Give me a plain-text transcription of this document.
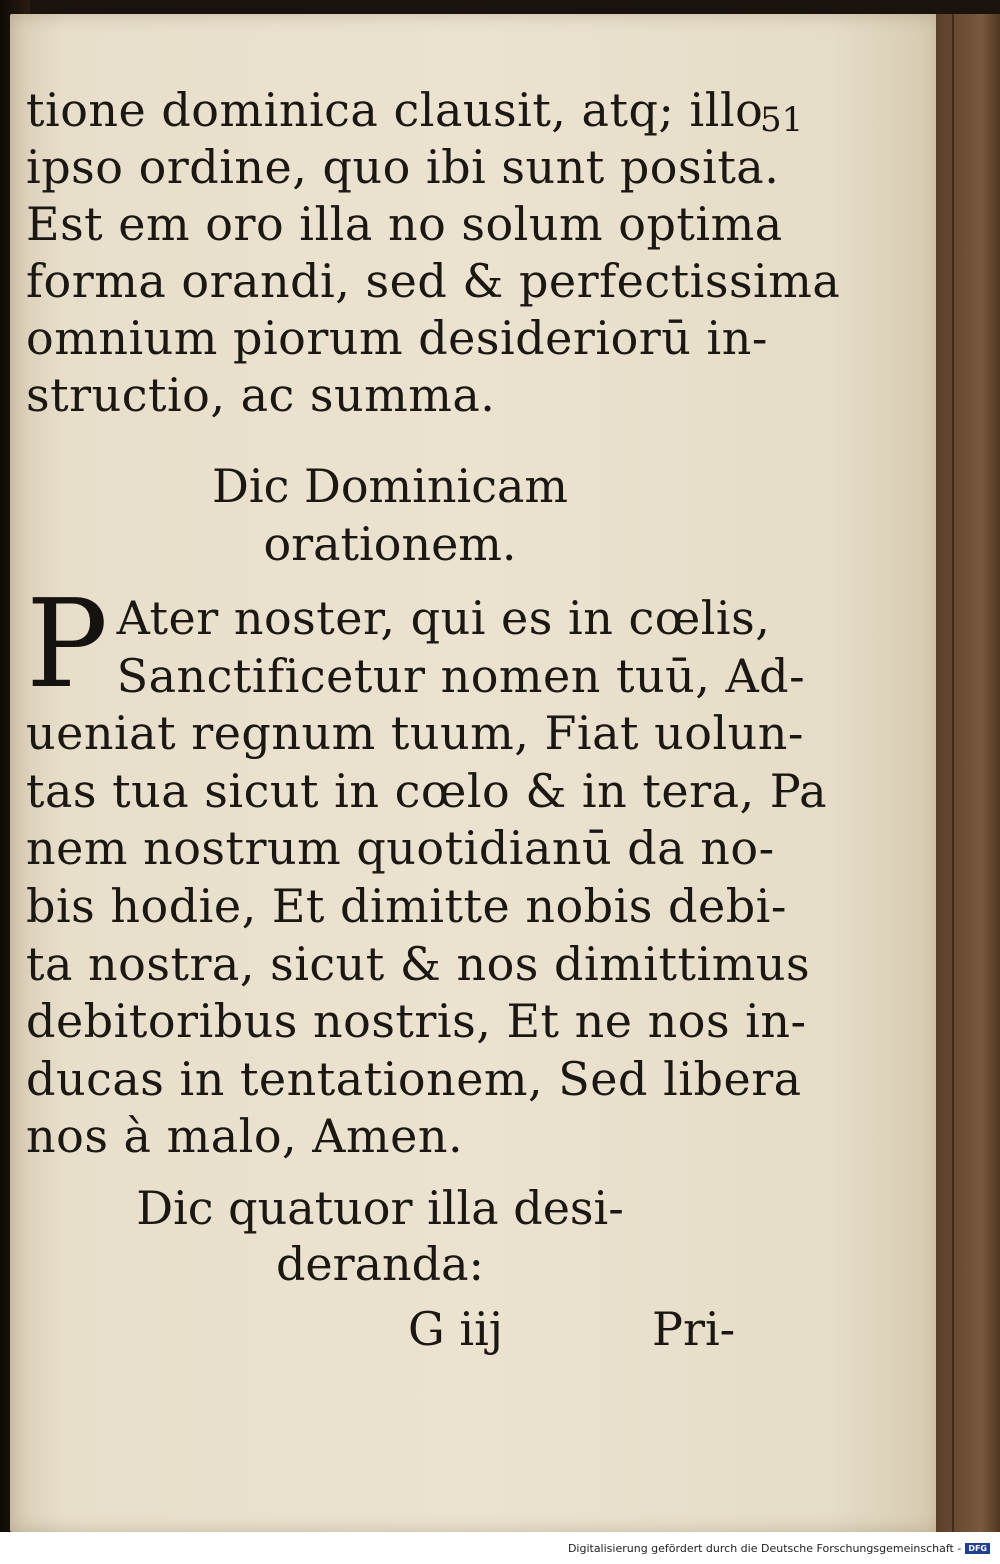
51
tione dominica clausit, atq; illo
ipso ordine, quo ibi sunt posita.
Est em oro illa no solum optima
forma orandi, sed & perfectissima
omnium piorum desideriorū in-
structio, ac summa.
Dic Dominicam
orationem.
P Ater noster, qui es in cœlis,
Sanctificetur nomen tuū, Ad-
ueniat regnum tuum, Fiat uolun-
tas tua sicut in cœlo & in tera, Pa
nem nostrum quotidianū da no-
bis hodie, Et dimitte nobis debi-
ta nostra, sicut & nos dimittimus
debitoribus nostris, Et ne nos in-
ducas in tentationem, Sed libera
nos à malo, Amen.
Dic quatuor illa desi-
deranda:
G iij	Pri-
Digitalisierung gefördert durch die Deutsche Forschungsgemeinschaft - DFG
